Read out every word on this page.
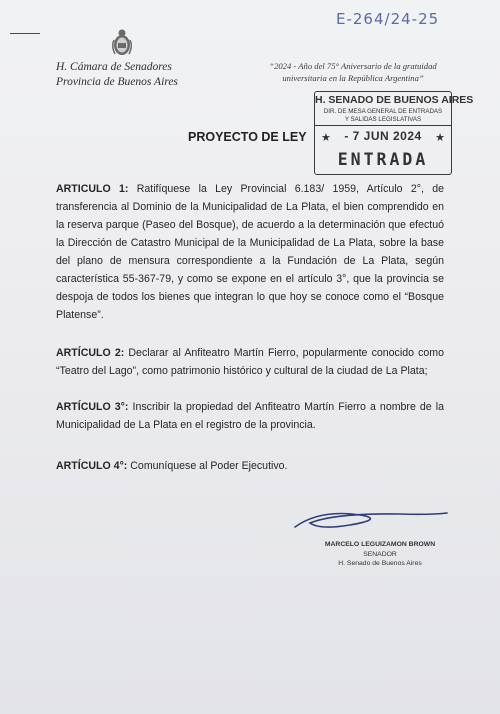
E-264/24-25
H. Cámara de Senadores
Provincia de Buenos Aires
“2024 - Año del 75° Aniversario de la gratuidad
universitaria en la República Argentina”
H. SENADO DE BUENOS AIRES
DIR. DE MESA GENERAL DE ENTRADAS
Y SALIDAS LEGISLATIVAS
★	- 7 JUN 2024	★
ENTRADA
PROYECTO DE LEY

ARTICULO 1: Ratifíquese la Ley Provincial 6.183/ 1959, Artículo 2°, de transferencia al Dominio de la Municipalidad de La Plata, el bien comprendido en la reserva parque (Paseo del Bosque), de acuerdo a la determinación que efectuó la Dirección de Catastro Municipal de la Municipalidad de La Plata, sobre la base del plano de mensura correspondiente a la Fundación de La Plata, según característica 55-367-79, y como se expone en el artículo 3°, que la provincia se despoja de todos los bienes que integran lo que hoy se conoce como el “Bosque Platense”.

ARTÍCULO 2: Declarar al Anfiteatro Martín Fierro, popularmente conocido como “Teatro del Lago”, como patrimonio histórico y cultural de la ciudad de La Plata;

ARTÍCULO 3°: Inscribir la propiedad del Anfiteatro Martín Fierro a nombre de la Municipalidad de La Plata en el registro de la provincia.

ARTÍCULO 4°: Comuníquese al Poder Ejecutivo.

MARCELO LEGUIZAMON BROWN
SENADOR
H. Senado de Buenos Aires
